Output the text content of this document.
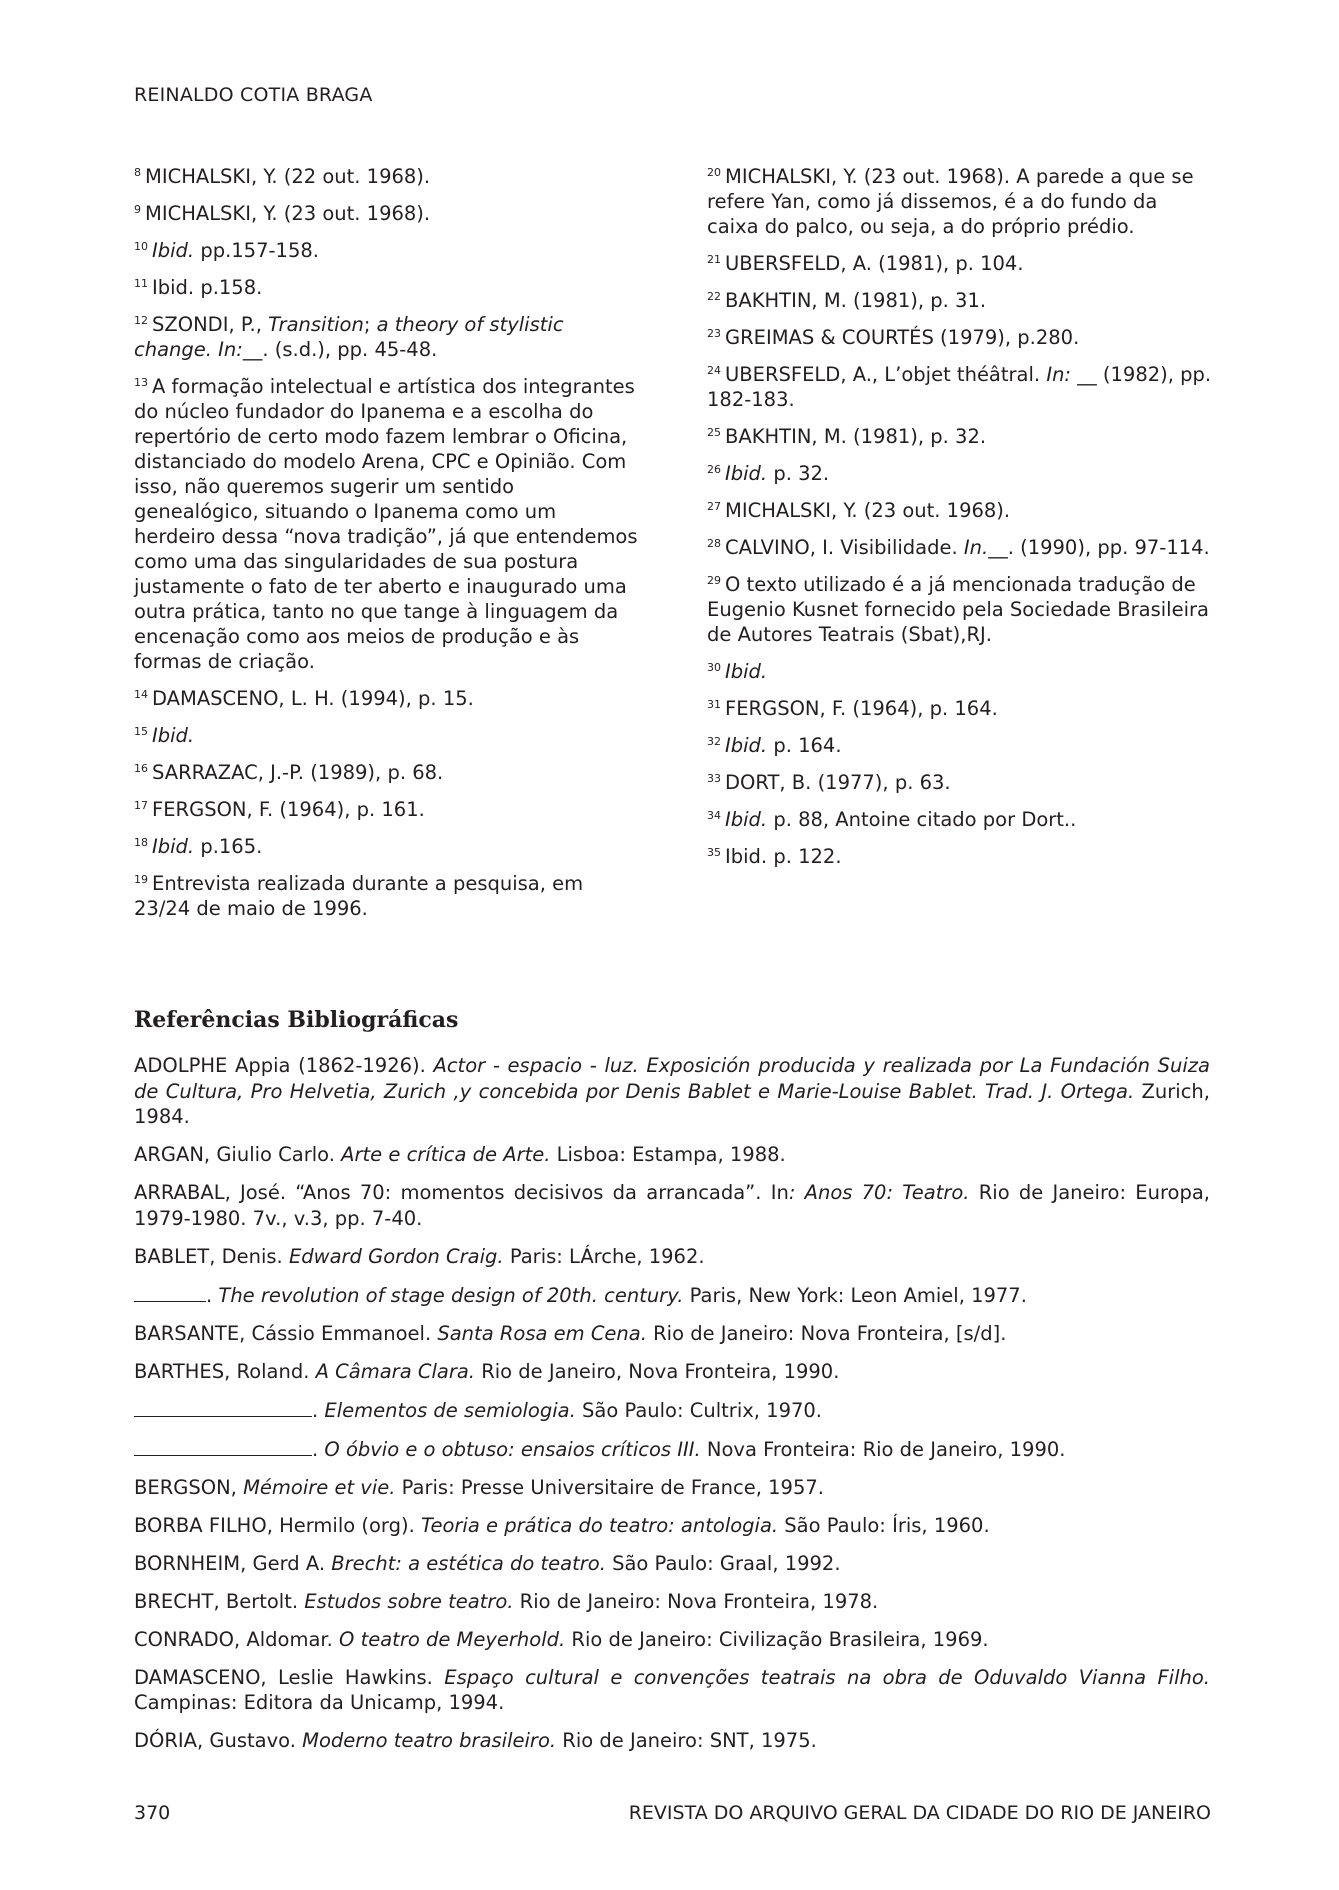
REINALDO COTIA BRAGA
$^8$ MICHALSKI, Y. (22 out. 1968).
$^9$ MICHALSKI, Y. (23 out. 1968).
$^{10}$ Ibid. pp.157-158.
$^{11}$ Ibid. p.158.
$^{12}$ SZONDI, P., Transition; a theory of stylistic change. In:__. (s.d.), pp. 45-48.
$^{13}$ A formação intelectual e artística dos integrantes do núcleo fundador do Ipanema e a escolha do repertório de certo modo fazem lembrar o Oficina, distanciado do modelo Arena, CPC e Opinião. Com isso, não queremos sugerir um sentido genealógico, situando o Ipanema como um herdeiro dessa “nova tradição”, já que entendemos como uma das singularidades de sua postura justamente o fato de ter aberto e inaugurado uma outra prática, tanto no que tange à linguagem da encenação como aos meios de produção e às formas de criação.
$^{14}$ DAMASCENO, L. H. (1994), p. 15.
$^{15}$ Ibid.
$^{16}$ SARRAZAC, J.-P. (1989), p. 68.
$^{17}$ FERGSON, F. (1964), p. 161.
$^{18}$ Ibid. p.165.
$^{19}$ Entrevista realizada durante a pesquisa, em 23/24 de maio de 1996.
$^{20}$ MICHALSKI, Y. (23 out. 1968). A parede a que se refere Yan, como já dissemos, é a do fundo da caixa do palco, ou seja, a do próprio prédio.
$^{21}$ UBERSFELD, A. (1981), p. 104.
$^{22}$ BAKHTIN, M. (1981), p. 31.
$^{23}$ GREIMAS & COURTÉS (1979), p.280.
$^{24}$ UBERSFELD, A., L’objet théâtral. In: __ (1982), pp. 182-183.
$^{25}$ BAKHTIN, M. (1981), p. 32.
$^{26}$ Ibid. p. 32.
$^{27}$ MICHALSKI, Y. (23 out. 1968).
$^{28}$ CALVINO, I. Visibilidade. In.__. (1990), pp. 97-114.
$^{29}$ O texto utilizado é a já mencionada tradução de Eugenio Kusnet fornecido pela Sociedade Brasileira de Autores Teatrais (Sbat),RJ.
$^{30}$ Ibid.
$^{31}$ FERGSON, F. (1964), p. 164.
$^{32}$ Ibid. p. 164.
$^{33}$ DORT, B. (1977), p. 63.
$^{34}$ Ibid. p. 88, Antoine citado por Dort..
$^{35}$ Ibid. p. 122.
Referências Bibliográficas
ADOLPHE Appia (1862-1926). Actor - espacio - luz. Exposición producida y realizada por La Fundación Suiza de Cultura, Pro Helvetia, Zurich ,y concebida por Denis Bablet e Marie-Louise Bablet. Trad. J. Ortega. Zurich, 1984.
ARGAN, Giulio Carlo. Arte e crítica de Arte. Lisboa: Estampa, 1988.
ARRABAL, José. “Anos 70: momentos decisivos da arrancada”. In: Anos 70: Teatro. Rio de Janeiro: Europa, 1979-1980. 7v., v.3, pp. 7-40.
BABLET, Denis. Edward Gordon Craig. Paris: LÁrche, 1962.
. The revolution of stage design of 20th. century. Paris, New York: Leon Amiel, 1977.
BARSANTE, Cássio Emmanoel. Santa Rosa em Cena. Rio de Janeiro: Nova Fronteira, [s/d].
BARTHES, Roland. A Câmara Clara. Rio de Janeiro, Nova Fronteira, 1990.
. Elementos de semiologia. São Paulo: Cultrix, 1970.
. O óbvio e o obtuso: ensaios críticos III. Nova Fronteira: Rio de Janeiro, 1990.
BERGSON, Mémoire et vie. Paris: Presse Universitaire de France, 1957.
BORBA FILHO, Hermilo (org). Teoria e prática do teatro: antologia. São Paulo: Íris, 1960.
BORNHEIM, Gerd A. Brecht: a estética do teatro. São Paulo: Graal, 1992.
BRECHT, Bertolt. Estudos sobre teatro. Rio de Janeiro: Nova Fronteira, 1978.
CONRADO, Aldomar. O teatro de Meyerhold. Rio de Janeiro: Civilização Brasileira, 1969.
DAMASCENO, Leslie Hawkins. Espaço cultural e convenções teatrais na obra de Oduvaldo Vianna Filho. Campinas: Editora da Unicamp, 1994.
DÓRIA, Gustavo. Moderno teatro brasileiro. Rio de Janeiro: SNT, 1975.
370	REVISTA DO ARQUIVO GERAL DA CIDADE DO RIO DE JANEIRO
